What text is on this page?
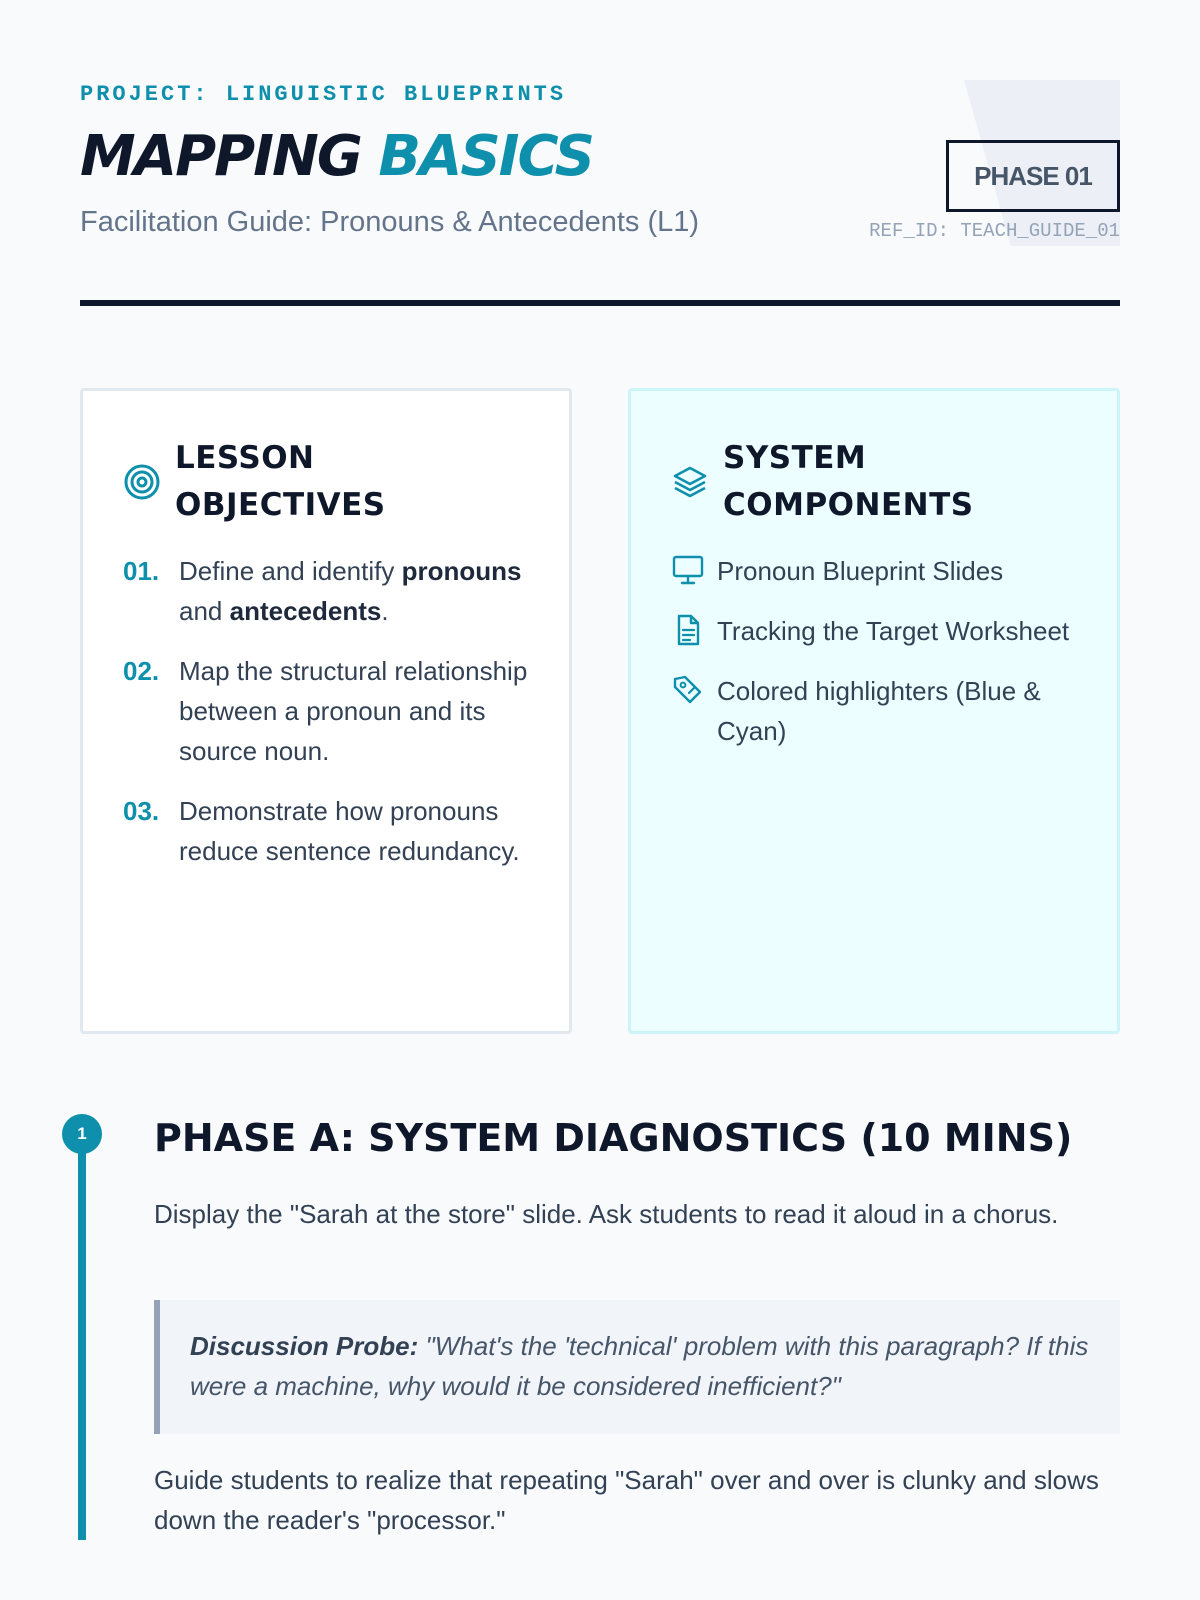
PROJECT: LINGUISTIC BLUEPRINTS
MAPPING BASICS
Facilitation Guide: Pronouns & Antecedents (L1)
PHASE 01
REF_ID: TEACH_GUIDE_01
LESSON
OBJECTIVES
01. Define and identify pronouns and antecedents.
02. Map the structural relationship between a pronoun and its source noun.
03. Demonstrate how pronouns reduce sentence redundancy.
SYSTEM
COMPONENTS
Pronoun Blueprint Slides
Tracking the Target Worksheet
Colored highlighters (Blue & Cyan)
1	PHASE A: SYSTEM DIAGNOSTICS (10 MINS)
Display the "Sarah at the store" slide. Ask students to read it aloud in a chorus.
Discussion Probe: "What's the 'technical' problem with this paragraph? If this were a machine, why would it be considered inefficient?"
Guide students to realize that repeating "Sarah" over and over is clunky and slows down the reader's "processor."
